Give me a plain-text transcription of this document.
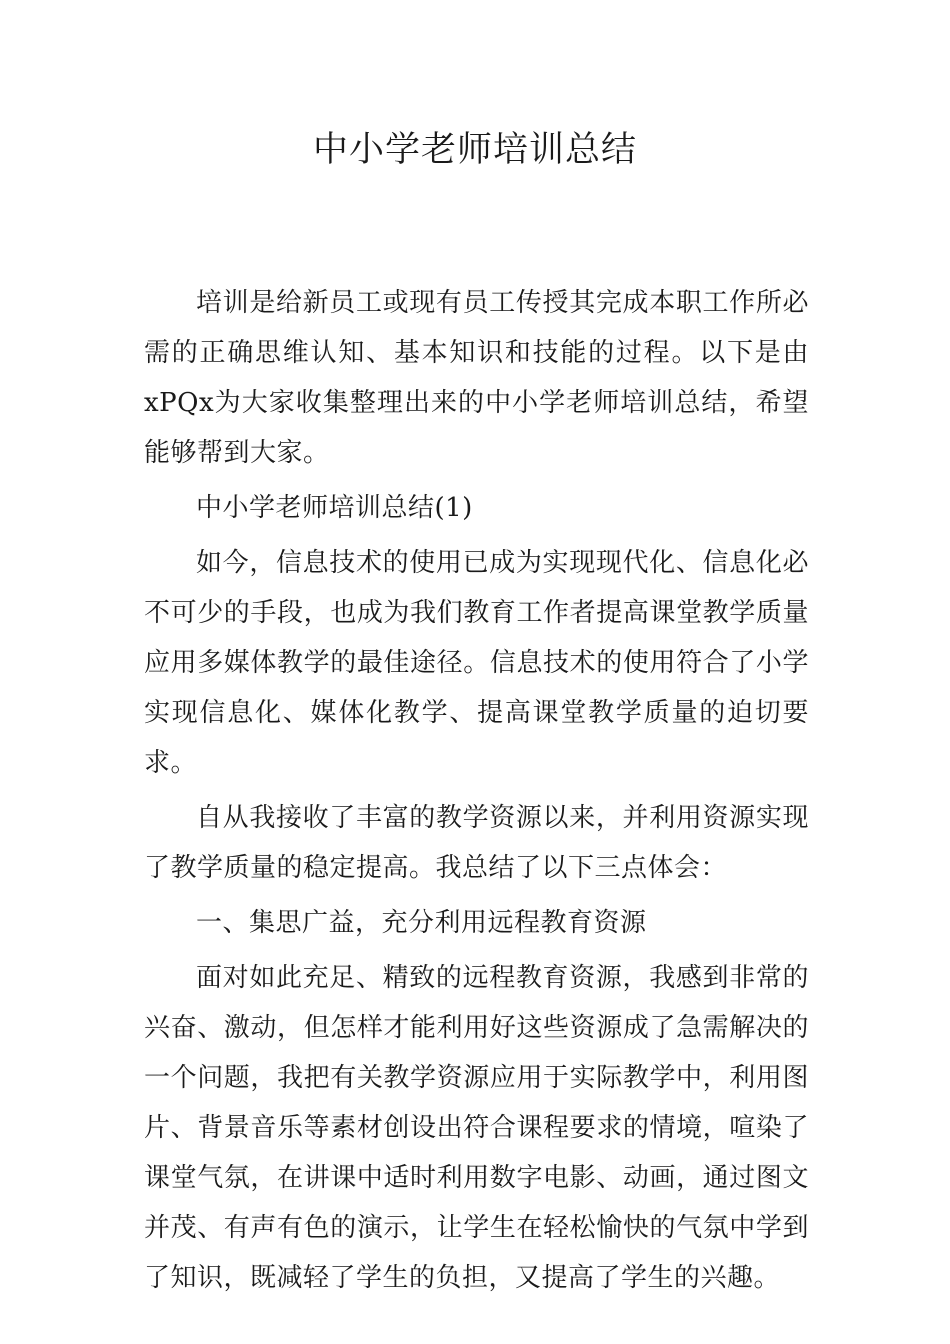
中小学老师培训总结

培训是给新员工或现有员工传授其完成本职工作所必需的正确思维认知、基本知识和技能的过程。以下是由xPQx为大家收集整理出来的中小学老师培训总结，希望能够帮到大家。

中小学老师培训总结(1)

如今，信息技术的使用已成为实现现代化、信息化必不可少的手段，也成为我们教育工作者提高课堂教学质量应用多媒体教学的最佳途径。信息技术的使用符合了小学实现信息化、媒体化教学、提高课堂教学质量的迫切要求。

自从我接收了丰富的教学资源以来，并利用资源实现了教学质量的稳定提高。我总结了以下三点体会：

一、集思广益，充分利用远程教育资源

面对如此充足、精致的远程教育资源，我感到非常的兴奋、激动，但怎样才能利用好这些资源成了急需解决的一个问题，我把有关教学资源应用于实际教学中，利用图片、背景音乐等素材创设出符合课程要求的情境，喧染了课堂气氛，在讲课中适时利用数字电影、动画，通过图文并茂、有声有色的演示，让学生在轻松愉快的气氛中学到了知识，既减轻了学生的负担，又提高了学生的兴趣。
